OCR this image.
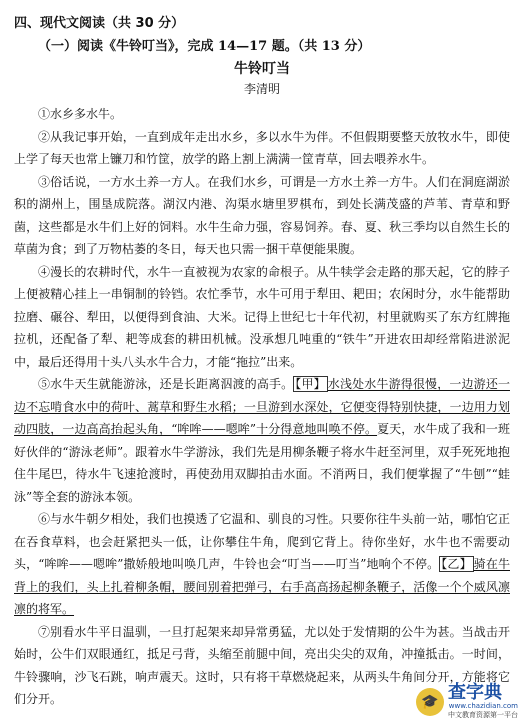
四、现代文阅读（共 30 分）
（一）阅读《牛铃叮当》，完成 14—17 题。（共 13 分）
牛铃叮当
李清明

①水乡多水牛。

②从我记事开始，一直到成年走出水乡，多以水牛为伴。不但假期要整天放牧水牛，即使上学了每天也常上镰刀和竹筐，放学的路上割上满满一筐青草，回去喂养水牛。

③俗话说，一方水土养一方人。在我们水乡，可谓是一方水土养一方牛。人们在洞庭湖淤积的湖州上，围垦成院落。湖汉内港、沟渠水塘里罗棋布，到处长满茂盛的芦苇、青草和野菌，这些都是水牛们上好的饲料。水牛生命力强，容易饲养。春、夏、秋三季均以自然生长的草菌为食；到了万物枯萎的冬日，每天也只需一捆干草便能果腹。

④漫长的农耕时代，水牛一直被视为农家的命根子。从牛犊学会走路的那天起，它的脖子上便被精心挂上一串铜制的铃铛。农忙季节，水牛可用于犁田、耙田；农闲时分，水牛能帮助拉磨、碾谷、犁田，以便得到食油、大米。记得上世纪七十年代初，村里就购买了东方红牌拖拉机，还配备了犁、耙等成套的耕田机械。没承想几吨重的“铁牛”开进农田却经常陷进淤泥中，最后还得用十头八头水牛合力，才能“拖拉”出来。

⑤水牛天生就能游泳，还是长距离泅渡的高手。 【甲】 水浅处水牛游得很慢，一边游还一边不忘啃食水中的荷叶、蒿草和野生水稻；一旦游到水深处，它便变得特别快捷，一边用力划动四肢，一边高高抬起头角，“哞哞——嗯哞”十分得意地叫唤不停。夏天，水牛成了我和一班好伙伴的“游泳老师”。跟着水牛学游泳，我们先是用柳条鞭子将水牛赶至河里，双手死死地抱住牛尾巴，待水牛飞速抢渡时，再使劲用双脚拍击水面。不消两日，我们便掌握了“牛刨”“蛙泳”等全套的游泳本领。

⑥与水牛朝夕相处，我们也摸透了它温和、驯良的习性。只要你往牛头前一站，哪怕它正在吞食草料，也会赶紧把头一低，让你攀住牛角，爬到它背上。待你坐好，水牛也不需要动头，“哞哞——嗯哞”撒娇般地叫唤几声，牛铃也会“叮当——叮当”地响个不停。 【乙】 骑在牛背上的我们，头上扎着柳条帽，腰间别着把弹弓，右手高高扬起柳条鞭子，活像一个个威风凛凛的将军。

⑦别看水牛平日温驯，一旦打起架来却异常勇猛，尤以处于发情期的公牛为甚。当战击开始时，公牛们双眼通红，抵足弓背，头缩至前腿中间，亮出尖尖的双角，冲撞抵击。一时间，牛铃骤响，沙飞石跳，响声震天。这时，只有将干草燃烧起来，从两头牛角间分开，方能将它们分开。	🎓 查字典
www.chazidian.com
中文教育资源第一平台
